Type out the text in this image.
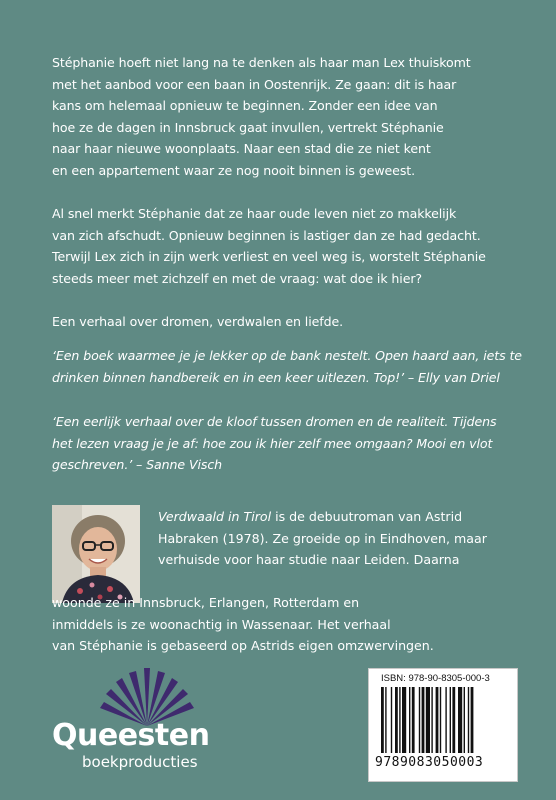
Stéphanie hoeft niet lang na te denken als haar man Lex thuiskomt
met het aanbod voor een baan in Oostenrijk. Ze gaan: dit is haar
kans om helemaal opnieuw te beginnen. Zonder een idee van
hoe ze de dagen in Innsbruck gaat invullen, vertrekt Stéphanie
naar haar nieuwe woonplaats. Naar een stad die ze niet kent
en een appartement waar ze nog nooit binnen is geweest.

Al snel merkt Stéphanie dat ze haar oude leven niet zo makkelijk
van zich afschudt. Opnieuw beginnen is lastiger dan ze had gedacht.
Terwijl Lex zich in zijn werk verliest en veel weg is, worstelt Stéphanie
steeds meer met zichzelf en met de vraag: wat doe ik hier?

Een verhaal over dromen, verdwalen en liefde.

‘Een boek waarmee je je lekker op de bank nestelt. Open haard aan, iets te
drinken binnen handbereik en in een keer uitlezen. Top!’ – Elly van Driel

‘Een eerlijk verhaal over de kloof tussen dromen en de realiteit. Tijdens
het lezen vraag je je af: hoe zou ik hier zelf mee omgaan? Mooi en vlot
geschreven.’ – Sanne Visch

Verdwaald in Tirol is de debuutroman van Astrid
Habraken (1978). Ze groeide op in Eindhoven, maar
verhuisde voor haar studie naar Leiden. Daarna
woonde ze in Innsbruck, Erlangen, Rotterdam en
inmiddels is ze woonachtig in Wassenaar. Het verhaal
van Stéphanie is gebaseerd op Astrids eigen omzwervingen.
Queesten
boekproducties
ISBN: 978-90-8305-000-3
9789083050003
